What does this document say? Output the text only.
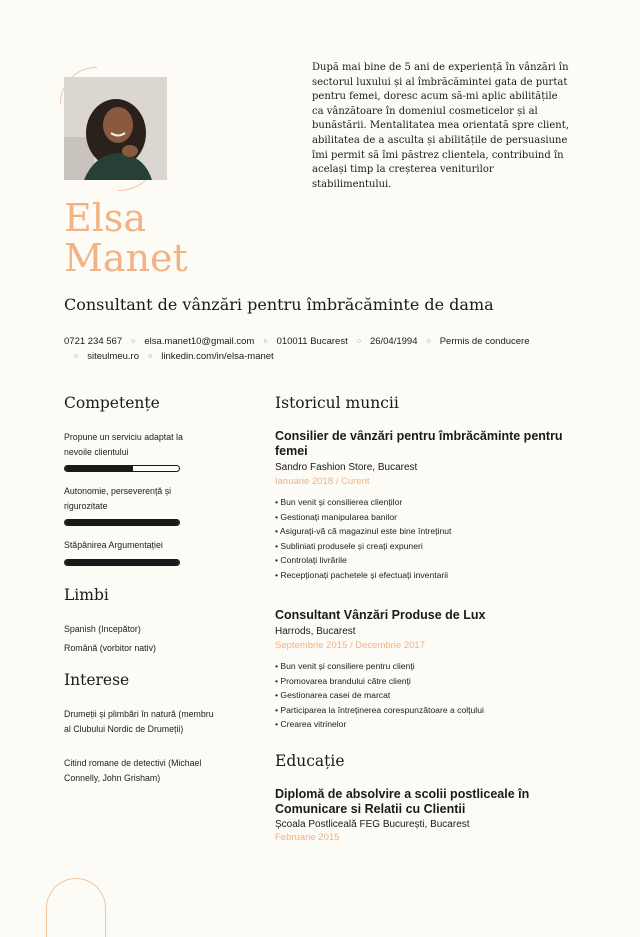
După mai bine de 5 ani de experiență în vânzări în sectorul luxului și al îmbrăcămintei gata de purtat pentru femei, doresc acum să-mi aplic abilitățile ca vânzătoare în domeniul cosmeticelor și al bunăstării. Mentalitatea mea orientată spre client, abilitatea de a asculta și abilitățile de persuasiune îmi permit să îmi păstrez clientela, contribuind în același timp la creșterea veniturilor stabilimentului.
Elsa
Manet
Consultant de vânzări pentru îmbrăcăminte de dama
0721 234 567 ○ elsa.manet10@gmail.com ○ 010011 Bucarest ○ 26/04/1994 ○ Permis de conducere
○ siteulmeu.ro ○ linkedin.com/in/elsa-manet
Competențe
Propune un serviciu adaptat la nevoile clientului
Autonomie, perseverență și rigurozitate
Stăpânirea Argumentației
Limbi
Spanish (Incepător)
Română (vorbitor nativ)
Interese
Drumeții și plimbări în natură (membru al Clubului Nordic de Drumeții)
Citind romane de detectivi (Michael Connelly, John Grisham)
Istoricul muncii
Consilier de vânzări pentru îmbrăcăminte pentru femei
Sandro Fashion Store, Bucarest
Ianuarie 2018 / Curent
• Bun venit și consilierea clienților
• Gestionați manipularea banilor
• Asigurați-vă că magazinul este bine întreținut
• Subliniati produsele și creați expuneri
• Controlați livrările
• Recepționați pachetele și efectuați inventarii
Consultant Vânzări Produse de Lux
Harrods, Bucarest
Septembrie 2015 / Decembrie 2017
• Bun venit și consiliere pentru clienți
• Promovarea brandului către clienți
• Gestionarea casei de marcat
• Participarea la întreținerea corespunzătoare a colțului
• Crearea vitrinelor
Educație
Diplomă de absolvire a scolii postliceale în Comunicare si Relatii cu Clientii
Școala Postliceală FEG București, Bucarest
Februarie 2015
